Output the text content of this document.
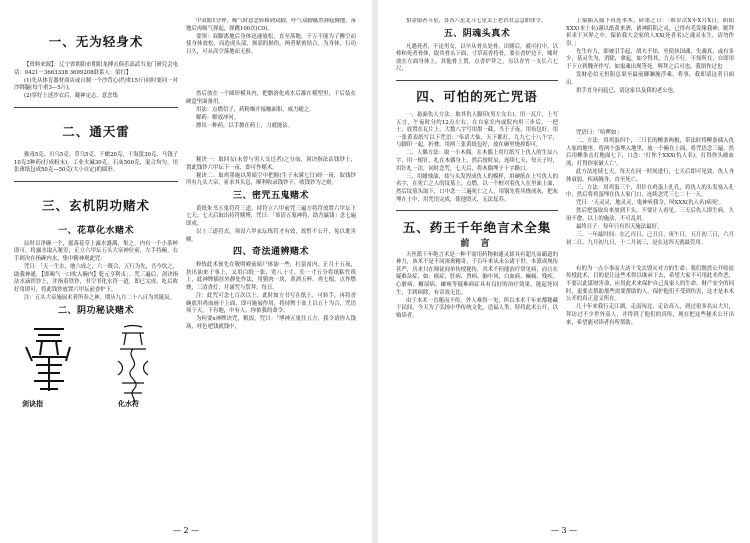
一、无为轻身术

【资料来源】：辽宁省朝阳市朝阳龙搏击俱乐部武当龙门研究会电话：0421－3663338 3699208联系人：梁红】

(1)先从体育器材商店或自制一个沙背心(约重15斤)同时要同一对沙绑腿(每个重3—5斤)。

(2)穿好上述沙衣后，凝神定志，意念集

二、通天雷

猴毒5克、川乌5克、草乌5克、干蟾20克、干海蜇30克、马钱子10克3种药(打成粉末)。工业火碱30克，石灰500克，混合均匀，用张薄纸包成50克—50克(大小自定)的圆形。

三、玄机阴功赌术
一、花草化水赌术

辰时以净碗一个，摇落花草上露水盛满，集之，内有一个小茶杯即可，将露水取入秘室，正立六甲坛五头大帝神位前，左手持碗，右手则决在指碗内水，集中精神观此咒：

咒日：「天一生水，地六成之，六一既合，五行为先，吾今饮之，助我神通，【即喝气一口吹入碗内】乾元亨利贞」。咒三遍后，剑诀指法水滴铁钞上，并指着铁钞，书空书化水符一道，即已完成，吃后收好用即可，将此钱钞放置六甲坛前香炉下。

注：五头大帝施展术者所奉之神，期历九月二十八日为其诞辰。

二、阴功秘诀赌术
剑诀指	化水符

中双眼1分钟，吸气时意念转移到双脚，呼气双脚腻然弹起腾地，落地后再吸气弹起，弹跳100次(C0)。

要领：双脚离地后身体迅速放松，直至落地，千万不能为了腾空而使身体放松，而造成头部，颈部的损伤。两者紧密结合，为身体，行功日久，可从高空落地而无损。

然后放在一个圆形模具内，把腊溶化成水后灌在模型里，干后装在硬盒里面备用。

用法：点燃信子，药粉爆开接触面积，威力随之。

解药：解放冲河。

擦出一种药，以手擦在药上，刀就能沾。

秘诀一：取回女(未曾与男人交过者)之分血，剑诀指法沾钱钞上，置此钱钞六甲坛下一夜，即可作赌术。

秘诀二：取鸡墨施以黑暗空中把握(生子未满七日)经一夜，取钱钞所有九头大帝，祈求其头息，顺利收录钱钞下，收钱钞为之则。

三、密咒五鬼赌术

黄纸朱书五鬼符符三道，持符立六甲前咒三遍方将符放置六甲坛下七天；七天后取出持符赌博，咒曰：「恭请五鬼神将，助吾赢钱」念七遍即成。

以上三道符式，须设六甲玄坛炼符才有效，故暂不公开，免以讹害赌。

四、奇法通辨赌术

修炼此术预先在敬明殿前暗尸体油一些，打蛮卤内，正月十五夜，扶出油来于事上，又用白纸一张，宽八十寸，长一寸五分将纸粘竹筷上，此神牌插挂外静处作法，用猪肉一块，黄酒五杯，鸡七根，点作燃烧，三清香灯，并诵咒与祭拜，每日。

注：此咒可念七百次以上，此时如方书写在纸上，可转手，再将香碗底用鸡血画于上面，即可施展作用，将持牌于盆上以五十为合，咒语须于天，下有地，中有人，你依我的命令。

为何要x神牌诀咒，粮饭，咒曰：「博神五鬼住五方，我令请你入钱场，呼色吧钱就钱中，

— 2 —

怕金银者斗星，各各六星北斗七星太上老君君急急如律令。

五、阴魂头真术

凡遇死者，不论男女，以早从骨头处骨，出赌后，就可打中，以棒和死者骨体，取其骨头下面，寸草高香将骨，要在香炉边下，赌时放在左面身体上，其他骨上置，点香炉拜之，另以青竹一支长六七尺，

四、可怕的死亡咒语

一、悬面仇人方法：取其仇人脚印(男左女右)，用一瓦片，上写五言，午夜时分约12点左右，在自家室内或院内用三步后，一把土，放置在瓦片上，大数八字写用墨一截，当于子夜，用布包好，用一张黄表纸写以下咒语：'奉请大仙，天下都打，九九七十八个字，与脚印一起，折叠，用两三张黄纸包好，放在碗里烧掉即可。

二、人偶方法：取一小木偶，在木偶上用红纸写上仇人的生辰八字，用一根针，扎在木偶身上，然后按时辰，连续七天，每天子时，用针扎一次，同时念咒，七天后，将木偶埋于十字路口。

三、用蜡烛油，盐与头发捏成仇人的模样，用硬纸在上写仇人的名字，在死亡之人的坟墓上，点燃，以一个框对着仇人在里面上面，然后坟墓头取下，口中念一三遍死亡之人，用锅先将其烧成灰，把灰埋在土中，用咒语完成，使他毁灭，无法复苏。

五、药王千年绝言术全集
前 言

天医派千年绝言术是一种不需用药物和通灵却具有超凡而霸道的神力，该术不是不同深奥精奇，千百年来从未公诸于世。本派成规传甚严，历来只在师徒间单传授秘传，其术不但能治疗常见病，而且在疑难杂症，如：癌症、肝病、肾病、脑中风、白血病、癫痫、残疾、心脏病、糖尿病、瘫痪等疑难病症具有良好的治疗效果，能起死回生，手到病除，有奇效无比。

由于本术一直秘而不传，外人难得一见，所以本术千年来都秘藏于民间，今天为了弘扬中华传统文化，造福人类，特将此术公开，以飨读者。

上端插入插下真连本木，砖墨之日：「维岁次X年X月X日，阴阳XXX(本士名)谨以纸黄来酒，诸神阴阳之灵，已得有毛发缘我神，跪拜祈求于冥界之中，保佑我大会家的人XX(死者名)之魂灵永生，请勿作祟。」

先生有力，即被引手起，胡夫不知，至使执国魂，失魂真，或有多少，基灵失为，消除，拿起，如令得其，力点不行。不知所在，自即用于下立到魏齐作写。如鬼魂出现等死，辉拜之后可也，我朋作过也

发财必信无恒阳总果至最前御澜施浮乘，将事，我即请这者日面出。

拱手直身问起已，请这家以及我的老公也。

咒语曰：「哈啰如」

二、方法：用鸡蛋四个，三只长的柳条两根，带法时将柳条插入仇人家的地里，将两个蛋埋入地里，放一个碗在上面，将咒语念三遍，然后用柳条击打地面七下，口念：'打你个XXX(仇人名)，打得你头破血流，打得你家破人亡'。

此方法连续七天，每天在同一时间进行，七天后即可见效。仇人身体衰弱，疾病缠身，直至死亡。

三、方法：用鸡蛋三个，用针在鸡蛋上扎孔，将仇人的头发塞入孔中，然后将鸡蛋埋在仇人家门口，连续念咒三七二十一天。

咒曰：'天灵灵，地灵灵，鬼神听我令，叫XXX(仇人名)病死'。

然后把蛋取出来放到下头，不要让人看见，三天后仇人即生病，久治不愈。以上的施法，不可乱用。

最终日子：每年只有四天施法最好。

三、一年最时间：在乙丙日、己丑日、庚午日，五月初三日，六月初二日、九月初九日，十二月初三，是在这四天就最管用。

有的为一点小事而大动干戈去毁灭对方的生命；我们既然公开收徒传授此术，目的是让这些术得以继承下去，希望大家不可用此术作恶，不要以此谋财害命，应用此术来保护自己及家人的生命、财产安全的同时，更要去帮助那些需要帮助的人，保护他们不受到伤害，这才是本术公开的真正意义所在。

几十年来我行走江湖，走南闯北，走访高人，到过很多名山大川，拜访过不少世外高人，并得到了他们的真传，现在把这些秘术公开出来，希望能对读者有所帮助。

— 3 —
